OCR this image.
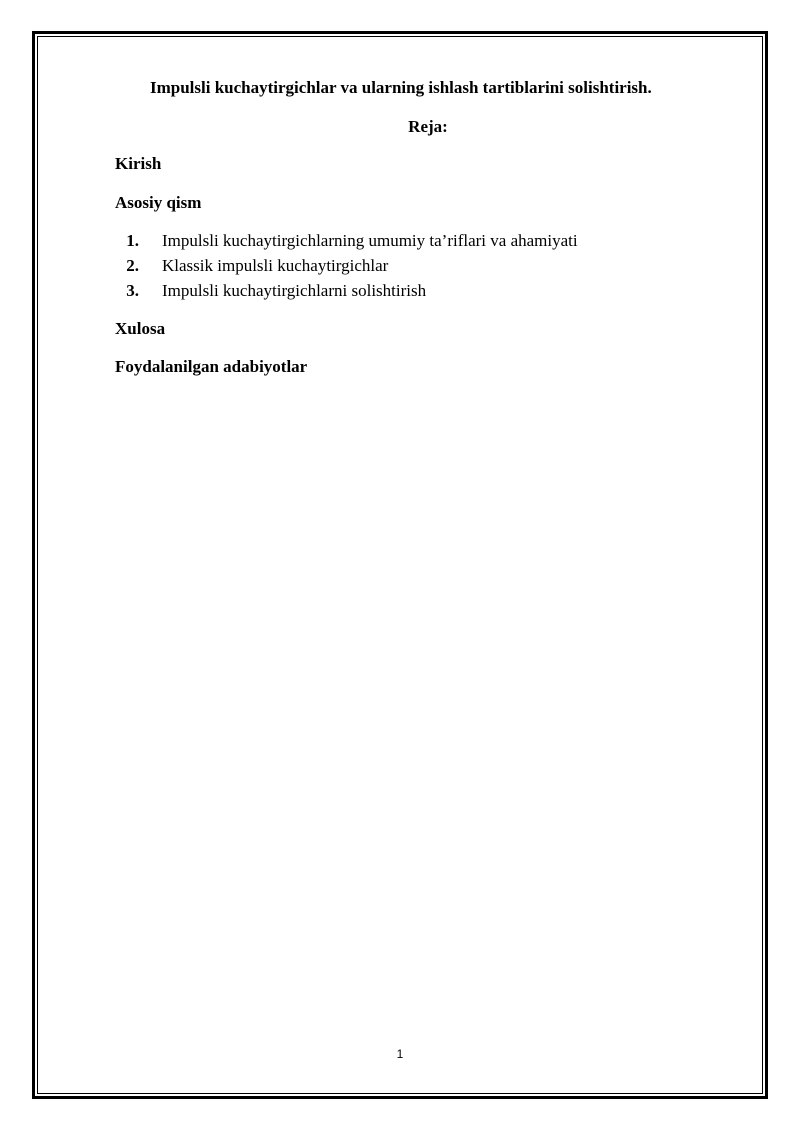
Impulsli kuchaytirgichlar va ularning ishlash tartiblarini solishtirish.
Reja:

Kirish

Asosiy qism

1 . Impulsli kuchaytirgichlarning umumiy ta’riflari va ahamiyati
2 . Klassik impulsli kuchaytirgichlar
3 . Impulsli kuchaytirgichlarni solishtirish

Xulosa

Foydalanilgan adabiyotlar

1
